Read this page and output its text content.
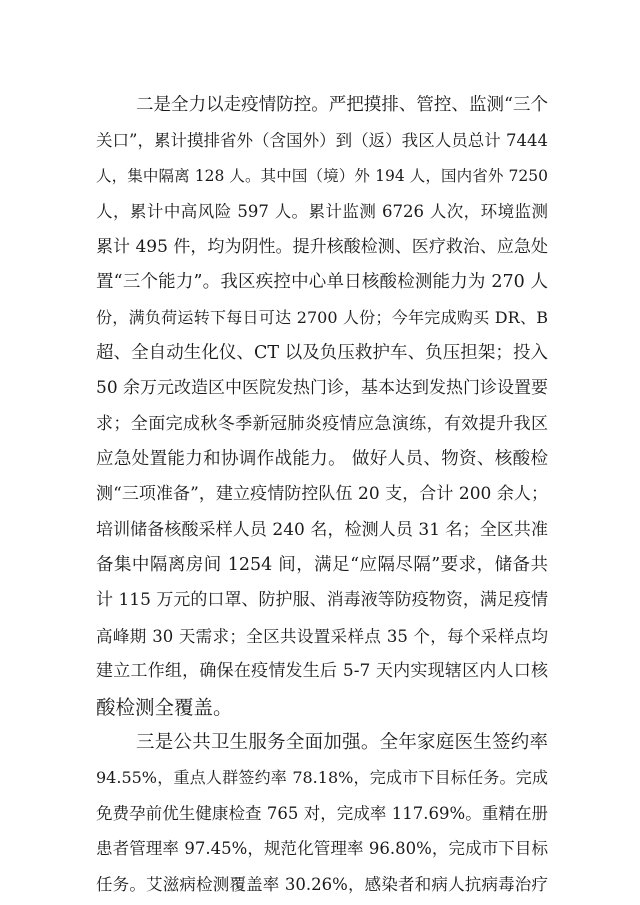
二是全力以走疫情防控。严把摸排、管控、监测“三个
关口”，累计摸排省外（含国外）到（返）我区人员总计 7444
人，集中隔离 128 人。其中国（境）外 194 人，国内省外 7250
人，累计中高风险 597 人。累计监测 6726 人次，环境监测
累计 495 件，均为阴性。提升核酸检测、医疗救治、应急处
置“三个能力”。我区疾控中心单日核酸检测能力为 270 人
份，满负荷运转下每日可达 2700 人份；今年完成购买 DR、B
超、全自动生化仪、CT 以及负压救护车、负压担架；投入
50 余万元改造区中医院发热门诊，基本达到发热门诊设置要
求；全面完成秋冬季新冠肺炎疫情应急演练，有效提升我区
应急处置能力和协调作战能力。 做好人员、物资、核酸检
测“三项准备”，建立疫情防控队伍 20 支，合计 200 余人；
培训储备核酸采样人员 240 名，检测人员 31 名；全区共准
备集中隔离房间 1254 间，满足“应隔尽隔”要求，储备共
计 115 万元的口罩、防护服、消毒液等防疫物资，满足疫情
高峰期 30 天需求；全区共设置采样点 35 个，每个采样点均
建立工作组，确保在疫情发生后 5-7 天内实现辖区内人口核
酸检测全覆盖。
三是公共卫生服务全面加强。全年家庭医生签约率
94.55%，重点人群签约率 78.18%，完成市下目标任务。完成
免费孕前优生健康检查 765 对，完成率 117.69%。重精在册
患者管理率 97.45%，规范化管理率 96.80%，完成市下目标
任务。艾滋病检测覆盖率 30.26%，感染者和病人抗病毒治疗
